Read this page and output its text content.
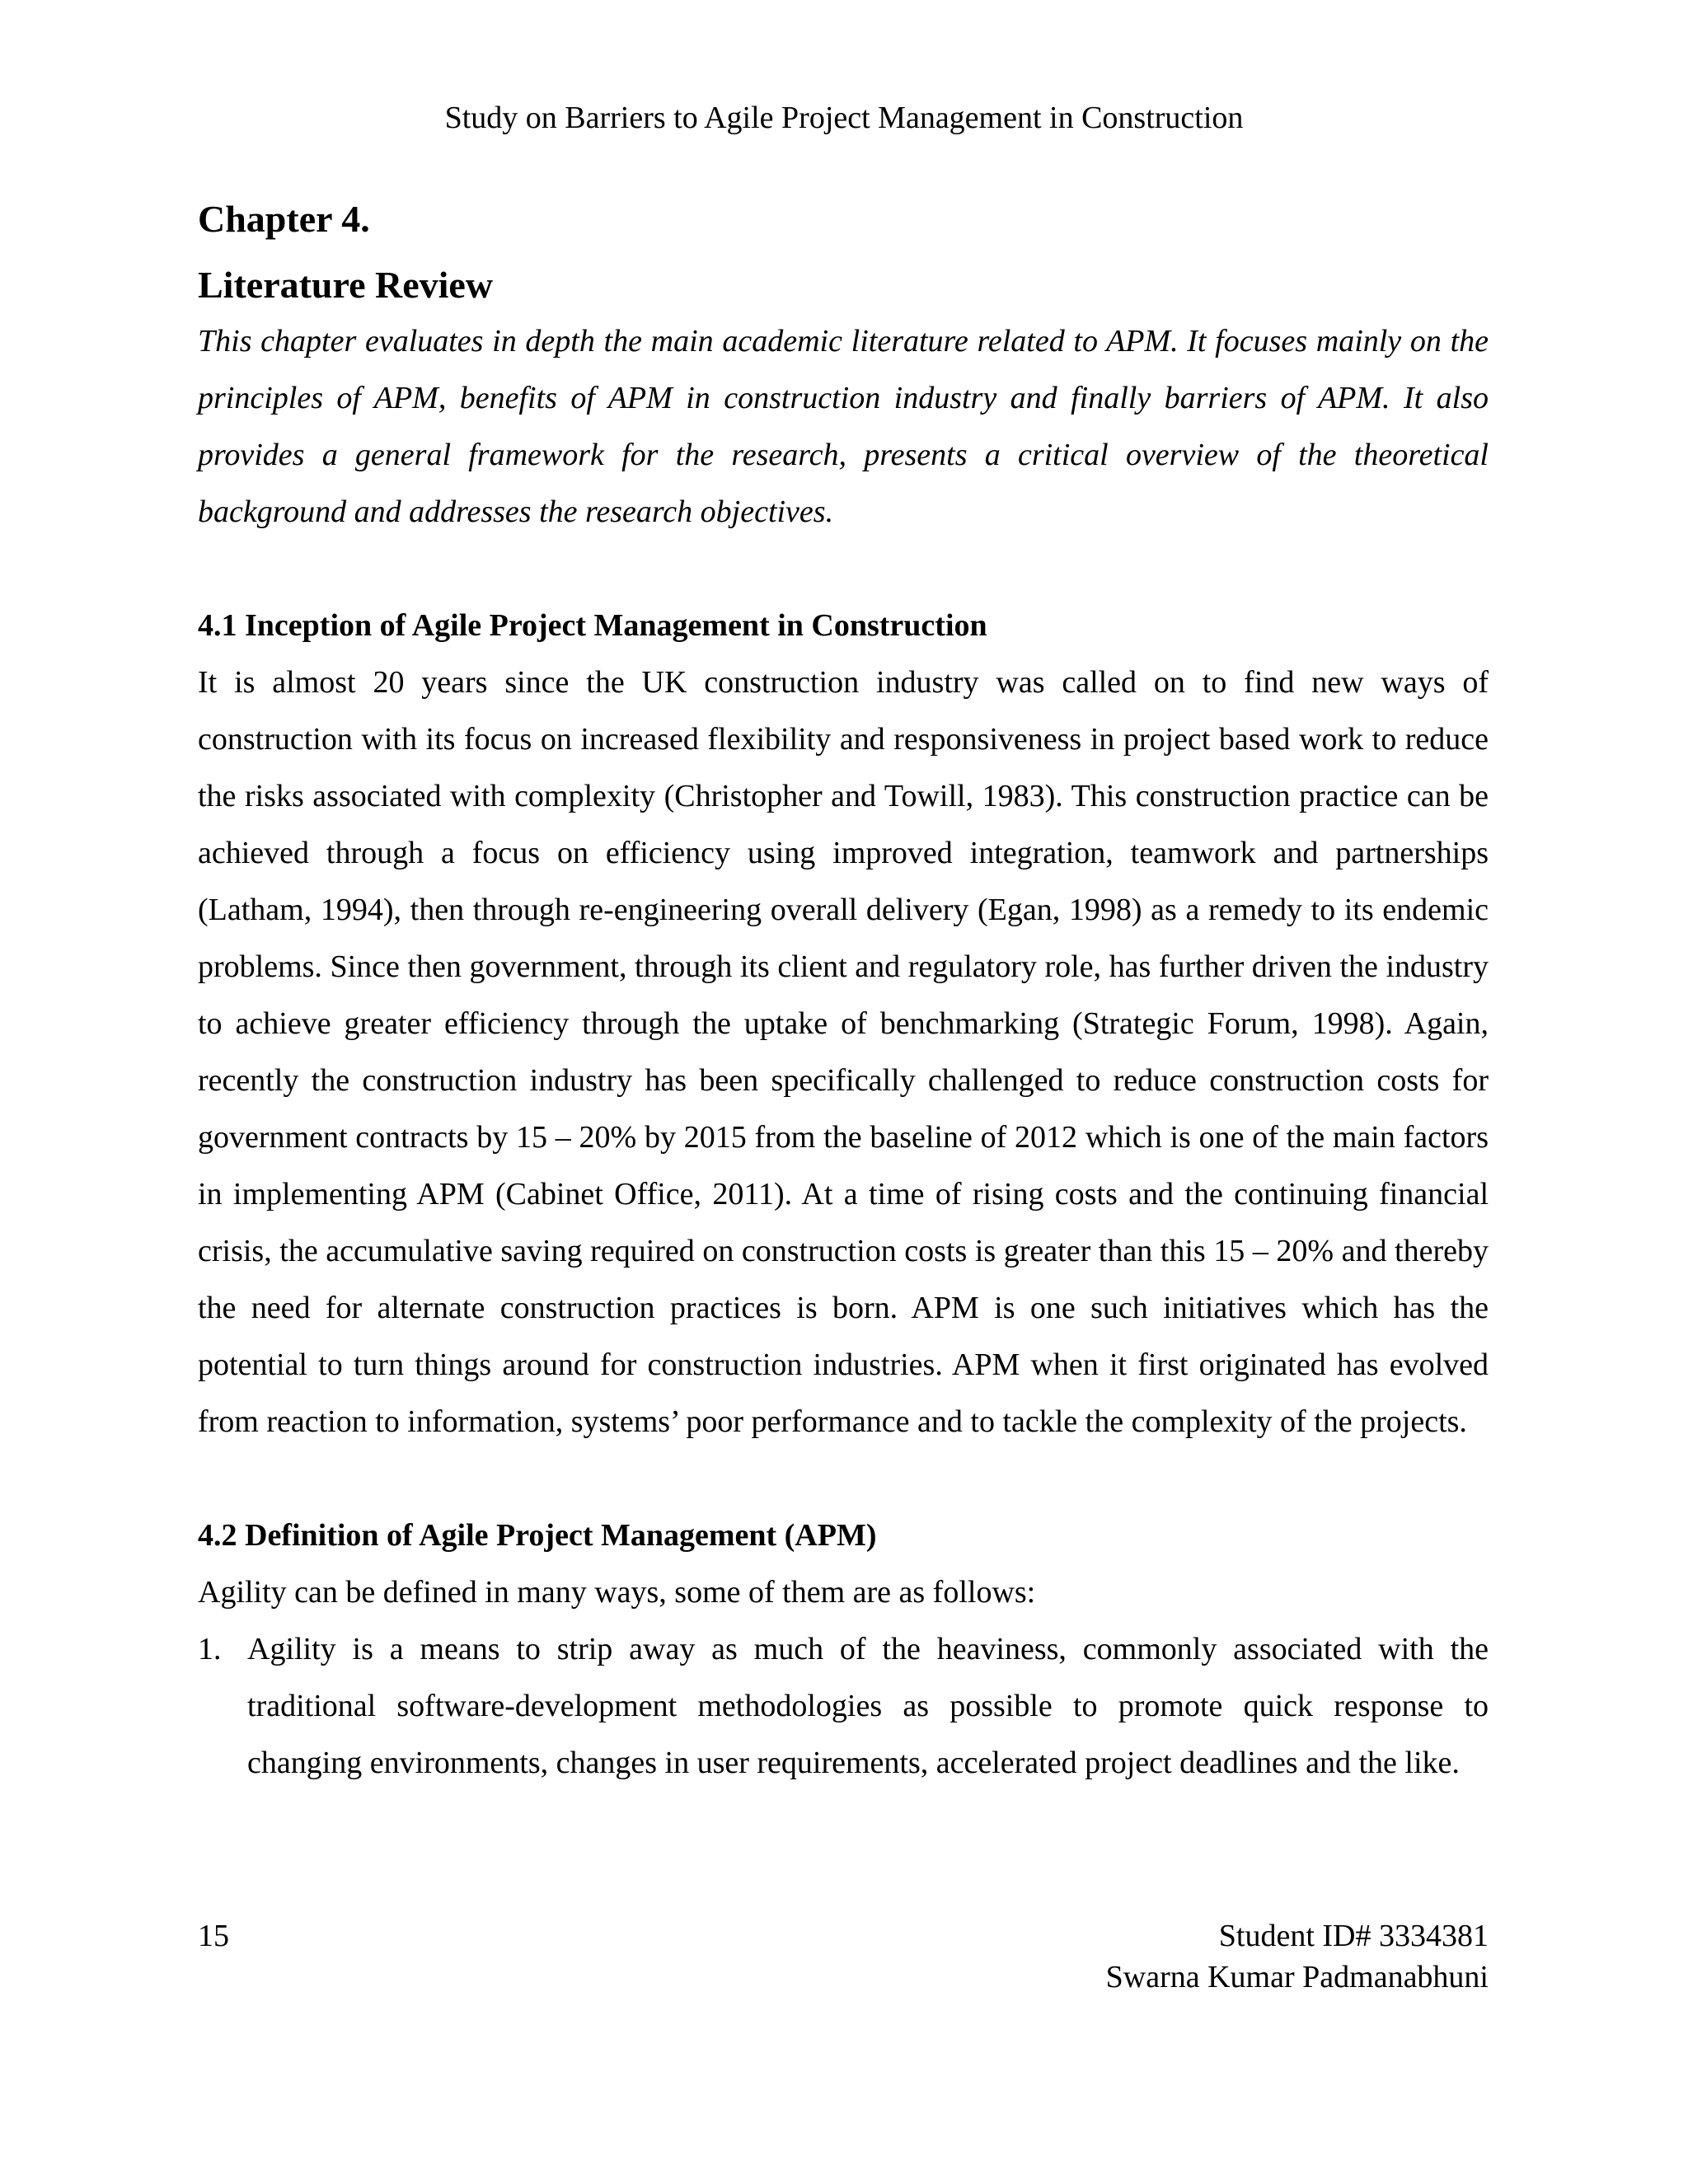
Study on Barriers to Agile Project Management in Construction
Chapter 4.
Literature Review

This chapter evaluates in depth the main academic literature related to APM. It focuses mainly on the principles of APM, benefits of APM in construction industry and finally barriers of APM. It also provides a general framework for the research, presents a critical overview of the theoretical background and addresses the research objectives.

4.1 Inception of Agile Project Management in Construction

It is almost 20 years since the UK construction industry was called on to find new ways of construction with its focus on increased flexibility and responsiveness in project based work to reduce the risks associated with complexity (Christopher and Towill, 1983). This construction practice can be achieved through a focus on efficiency using improved integration, teamwork and partnerships (Latham, 1994), then through re-engineering overall delivery (Egan, 1998) as a remedy to its endemic problems. Since then government, through its client and regulatory role, has further driven the industry to achieve greater efficiency through the uptake of benchmarking (Strategic Forum, 1998). Again, recently the construction industry has been specifically challenged to reduce construction costs for government contracts by 15 – 20% by 2015 from the baseline of 2012 which is one of the main factors in implementing APM (Cabinet Office, 2011). At a time of rising costs and the continuing financial crisis, the accumulative saving required on construction costs is greater than this 15 – 20% and thereby the need for alternate construction practices is born. APM is one such initiatives which has the potential to turn things around for construction industries. APM when it first originated has evolved from reaction to information, systems’ poor performance and to tackle the complexity of the projects.

4.2 Definition of Agile Project Management (APM)

Agility can be defined in many ways, some of them are as follows:

1. Agility is a means to strip away as much of the heaviness, commonly associated with the traditional software-development methodologies as possible to promote quick response to changing environments, changes in user requirements, accelerated project deadlines and the like.
15	Student ID# 3334381
Swarna Kumar Padmanabhuni
